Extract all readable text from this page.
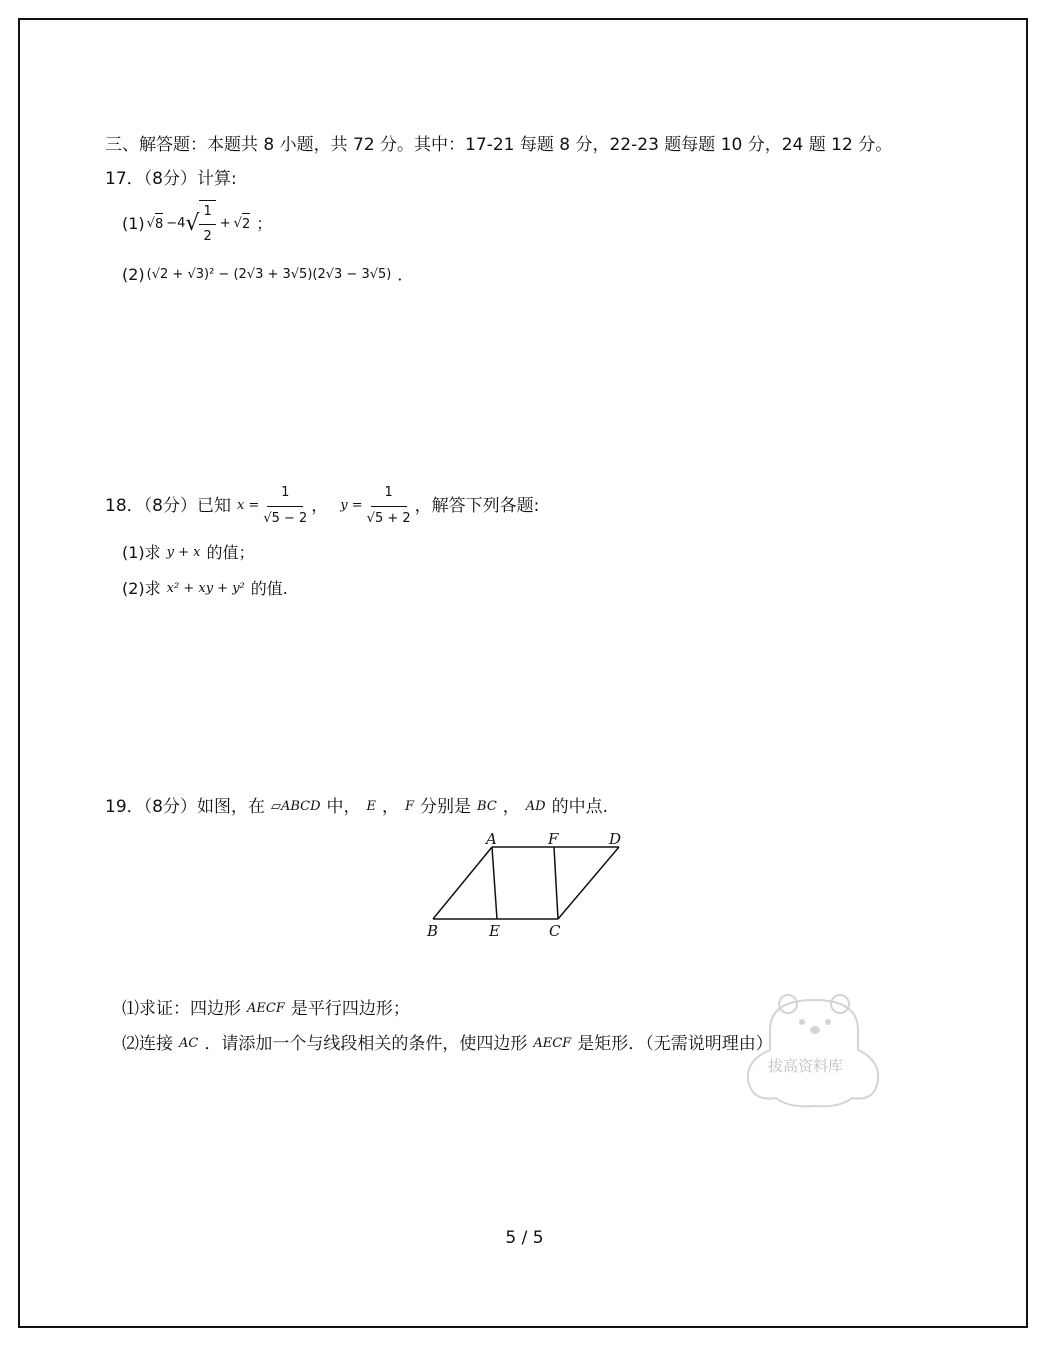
三、解答题：本题共 8 小题，共 72 分。其中：17-21 每题 8 分，22-23 题每题 10 分，24 题 12 分。
17．（8分）计算:
(1) √ 8 −4 √ $\frac{1}{2}$ + √ 2 ；
(2) (√2 + √3)² − (2√3 + 3√5)(2√3 − 3√5) ．
18．（8分）已知 $x = \frac{1}{√5 - 2}$ ， $y = \frac{1}{√5 + 2}$ ，解答下列各题:
(1)求 y + x 的值；
(2)求 x² + xy + y² 的值.
19．（8分）如图，在 ▱ABCD 中， E ， F 分别是 BC ， AD 的中点.
A	F	D
B	E	C
⑴求证：四边形 AECF 是平行四边形；
⑵连接 AC ．请添加一个与线段相关的条件，使四边形 AECF 是矩形．（无需说明理由）
拔高资料库
5 / 5
